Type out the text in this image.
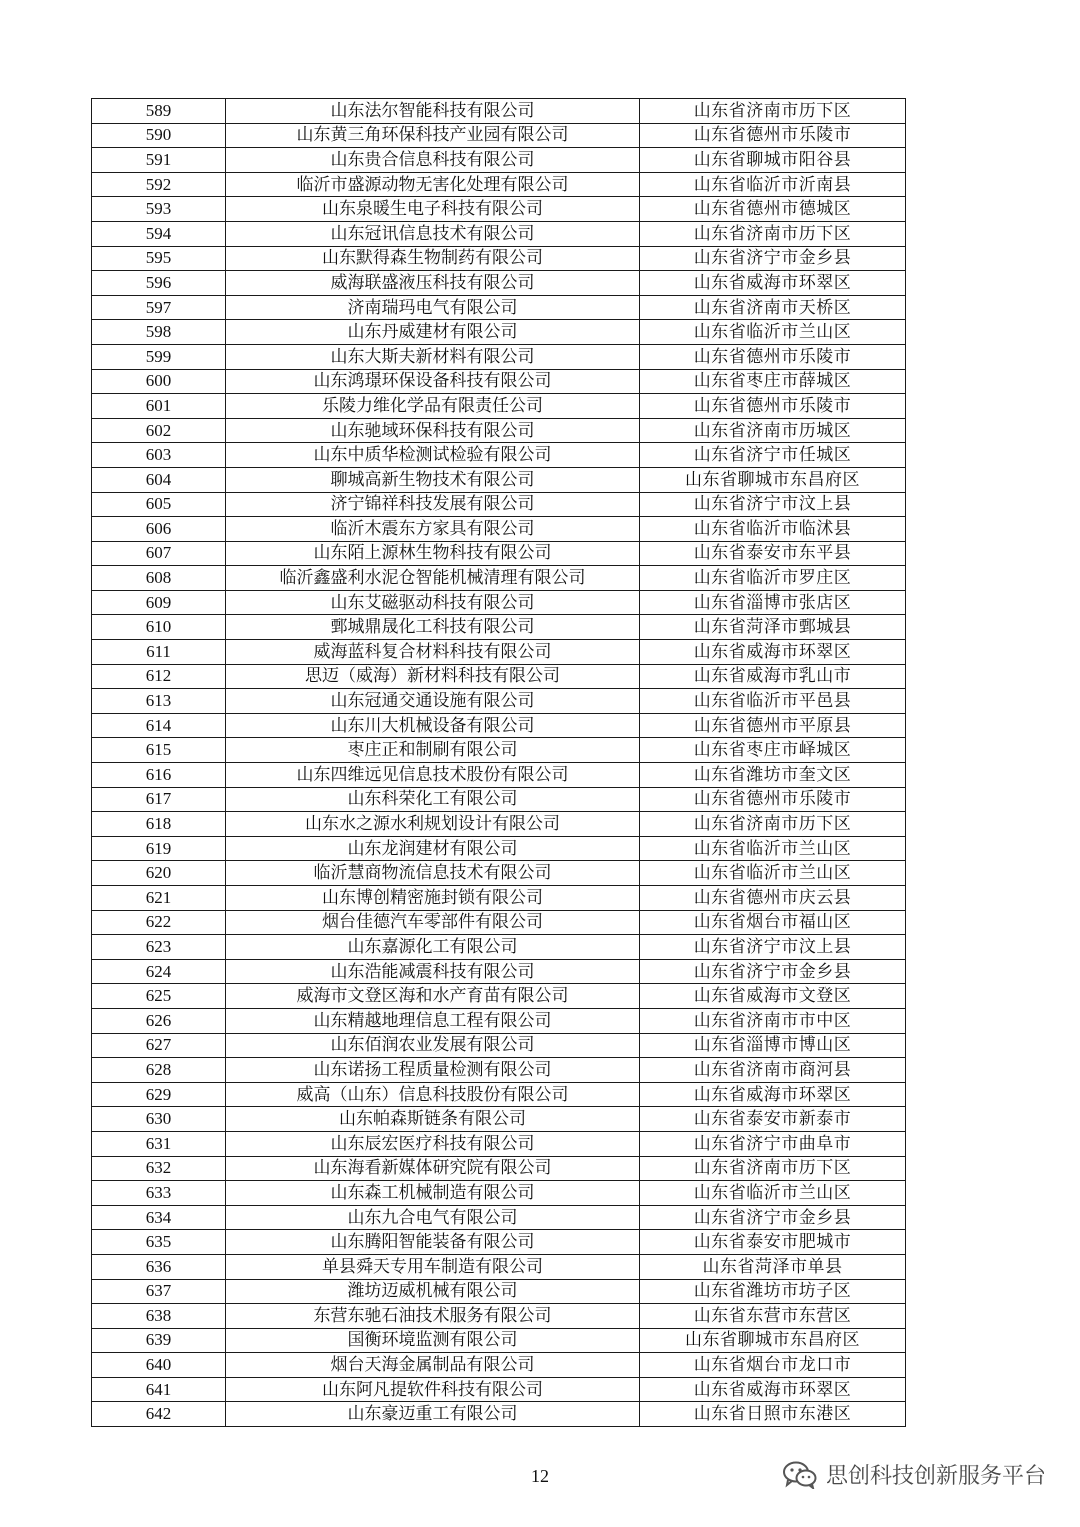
589	山东法尔智能科技有限公司	山东省济南市历下区
590	山东黄三角环保科技产业园有限公司	山东省德州市乐陵市
591	山东贵合信息科技有限公司	山东省聊城市阳谷县
592	临沂市盛源动物无害化处理有限公司	山东省临沂市沂南县
593	山东泉暖生电子科技有限公司	山东省德州市德城区
594	山东冠讯信息技术有限公司	山东省济南市历下区
595	山东默得森生物制药有限公司	山东省济宁市金乡县
596	威海联盛液压科技有限公司	山东省威海市环翠区
597	济南瑞玛电气有限公司	山东省济南市天桥区
598	山东丹威建材有限公司	山东省临沂市兰山区
599	山东大斯夫新材料有限公司	山东省德州市乐陵市
600	山东鸿璟环保设备科技有限公司	山东省枣庄市薛城区
601	乐陵力维化学品有限责任公司	山东省德州市乐陵市
602	山东驰域环保科技有限公司	山东省济南市历城区
603	山东中质华检测试检验有限公司	山东省济宁市任城区
604	聊城高新生物技术有限公司	山东省聊城市东昌府区
605	济宁锦祥科技发展有限公司	山东省济宁市汶上县
606	临沂木震东方家具有限公司	山东省临沂市临沭县
607	山东陌上源林生物科技有限公司	山东省泰安市东平县
608	临沂鑫盛利水泥仓智能机械清理有限公司	山东省临沂市罗庄区
609	山东艾磁驱动科技有限公司	山东省淄博市张店区
610	鄄城鼎晟化工科技有限公司	山东省菏泽市鄄城县
611	威海蓝科复合材料科技有限公司	山东省威海市环翠区
612	思迈（威海）新材料科技有限公司	山东省威海市乳山市
613	山东冠通交通设施有限公司	山东省临沂市平邑县
614	山东川大机械设备有限公司	山东省德州市平原县
615	枣庄正和制刷有限公司	山东省枣庄市峄城区
616	山东四维远见信息技术股份有限公司	山东省潍坊市奎文区
617	山东科荣化工有限公司	山东省德州市乐陵市
618	山东水之源水利规划设计有限公司	山东省济南市历下区
619	山东龙润建材有限公司	山东省临沂市兰山区
620	临沂慧商物流信息技术有限公司	山东省临沂市兰山区
621	山东博创精密施封锁有限公司	山东省德州市庆云县
622	烟台佳德汽车零部件有限公司	山东省烟台市福山区
623	山东嘉源化工有限公司	山东省济宁市汶上县
624	山东浩能减震科技有限公司	山东省济宁市金乡县
625	威海市文登区海和水产育苗有限公司	山东省威海市文登区
626	山东精越地理信息工程有限公司	山东省济南市市中区
627	山东佰润农业发展有限公司	山东省淄博市博山区
628	山东诺扬工程质量检测有限公司	山东省济南市商河县
629	威高（山东）信息科技股份有限公司	山东省威海市环翠区
630	山东帕森斯链条有限公司	山东省泰安市新泰市
631	山东辰宏医疗科技有限公司	山东省济宁市曲阜市
632	山东海看新媒体研究院有限公司	山东省济南市历下区
633	山东森工机械制造有限公司	山东省临沂市兰山区
634	山东九合电气有限公司	山东省济宁市金乡县
635	山东腾阳智能装备有限公司	山东省泰安市肥城市
636	单县舜天专用车制造有限公司	山东省菏泽市单县
637	潍坊迈威机械有限公司	山东省潍坊市坊子区
638	东营东驰石油技术服务有限公司	山东省东营市东营区
639	国衡环境监测有限公司	山东省聊城市东昌府区
640	烟台天海金属制品有限公司	山东省烟台市龙口市
641	山东阿凡提软件科技有限公司	山东省威海市环翠区
642	山东豪迈重工有限公司	山东省日照市东港区
12	思创科技创新服务平台
